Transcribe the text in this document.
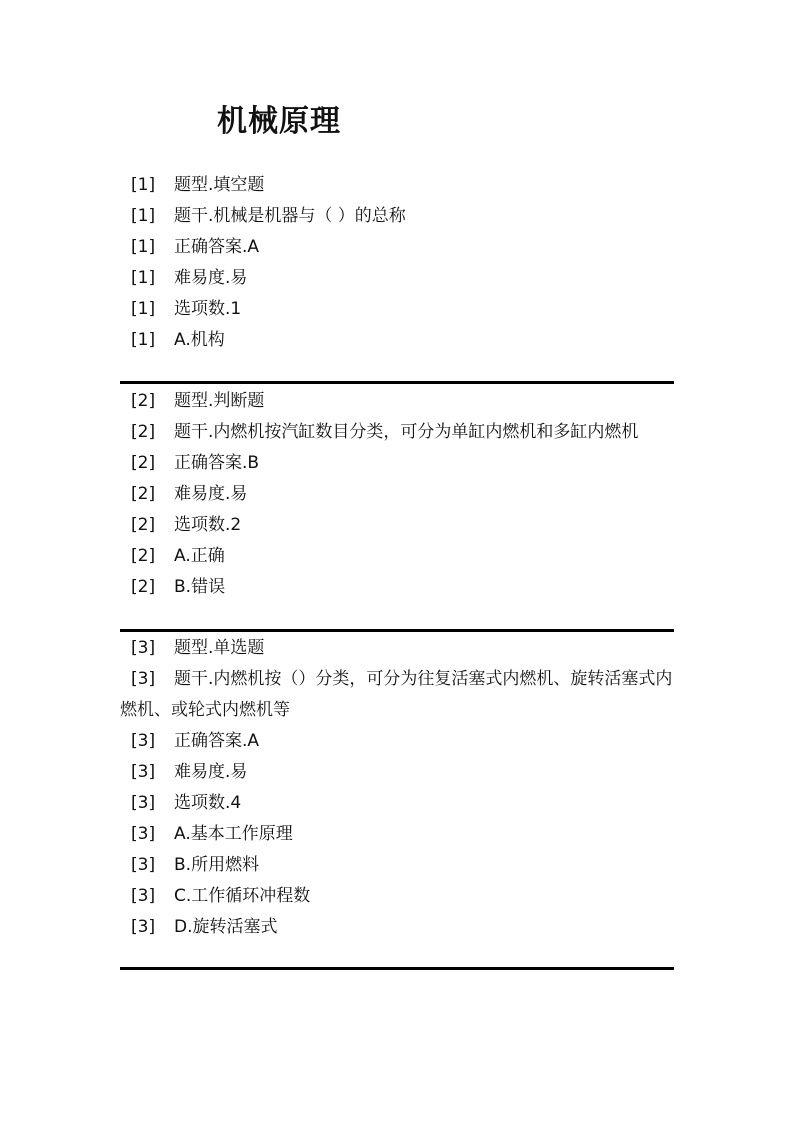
机械原理
[1] 题型.填空题
[1] 题干.机械是机器与（ ）的总称
[1] 正确答案.A
[1] 难易度.易
[1] 选项数.1
[1] A.机构
[2] 题型.判断题
[2] 题干.内燃机按汽缸数目分类，可分为单缸内燃机和多缸内燃机
[2] 正确答案.B
[2] 难易度.易
[2] 选项数.2
[2] A.正确
[2] B.错误
[3] 题型.单选题
[3] 题干.内燃机按（）分类，可分为往复活塞式内燃机、旋转活塞式内燃机、或轮式内燃机等
[3] 正确答案.A
[3] 难易度.易
[3] 选项数.4
[3] A.基本工作原理
[3] B.所用燃料
[3] C.工作循环冲程数
[3] D.旋转活塞式
